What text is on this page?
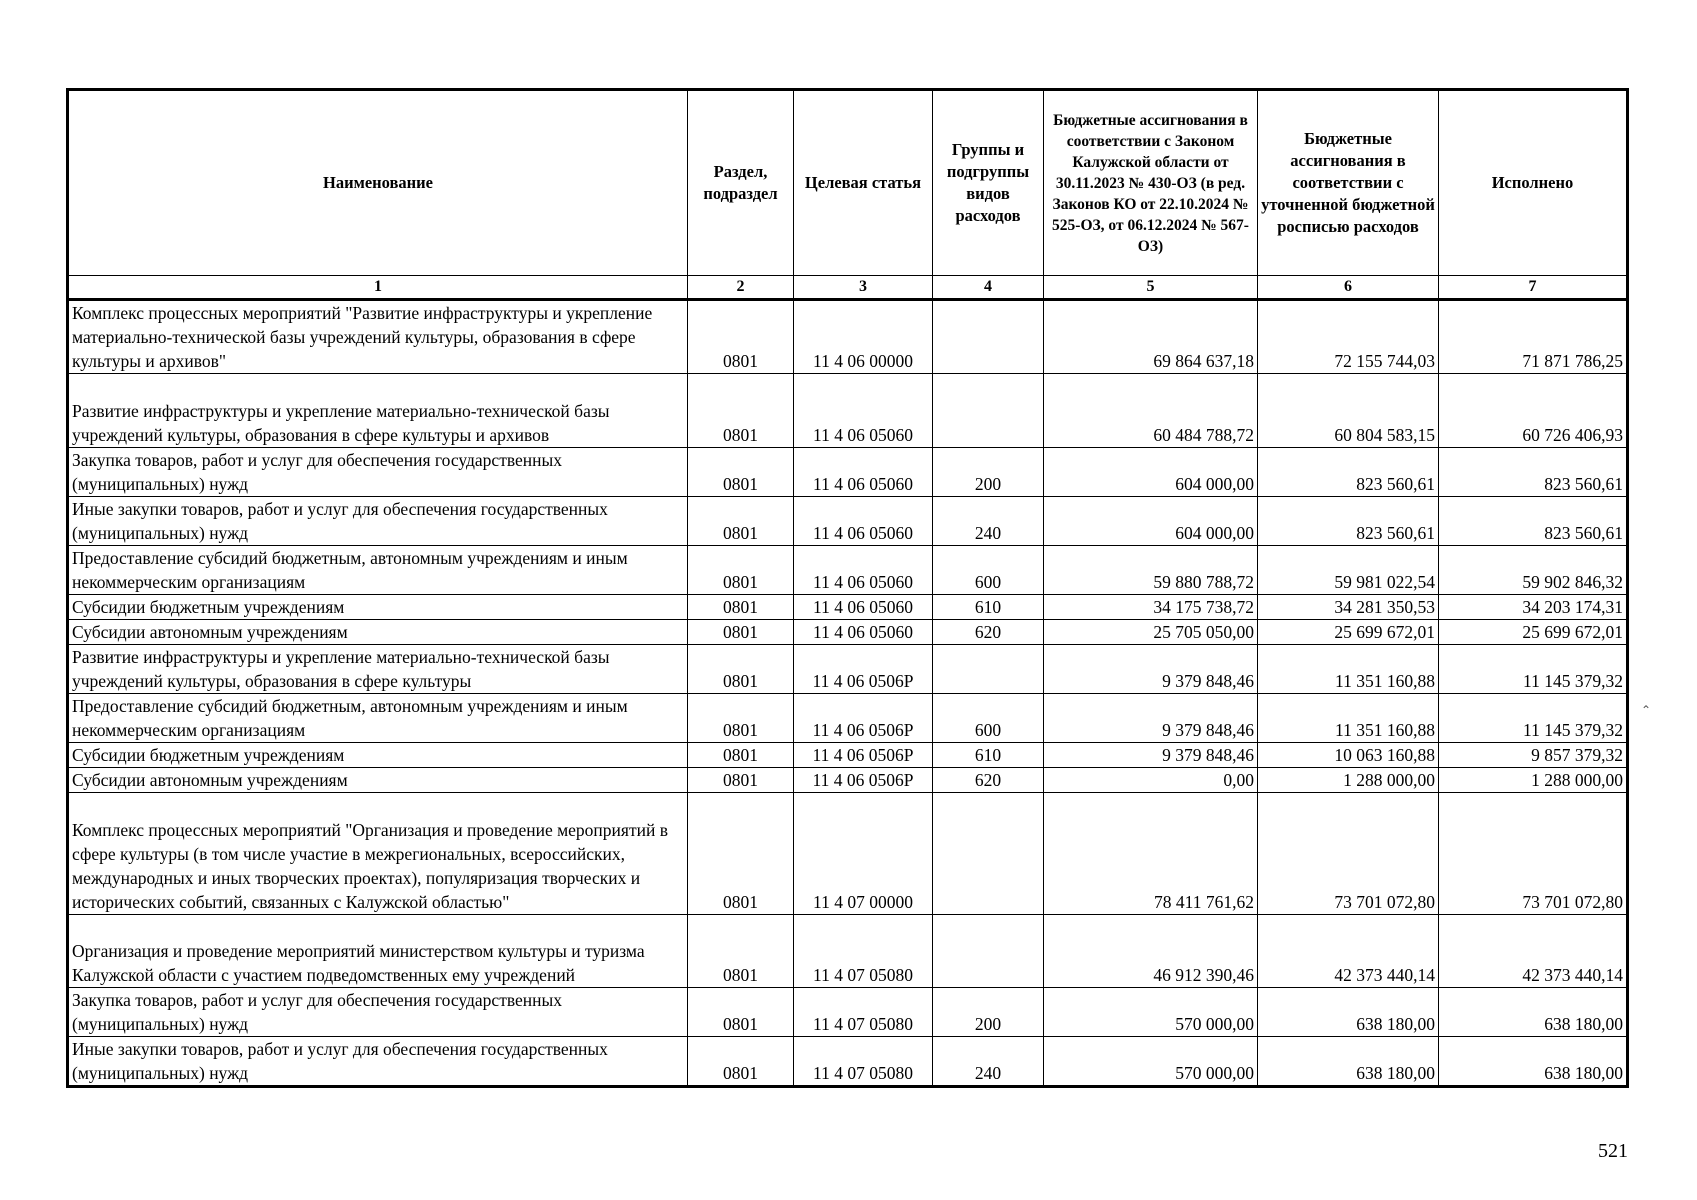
Наименование	Раздел, подраздел	Целевая статья	Группы и подгруппы видов расходов	Бюджетные ассигнования в соответствии с Законом Калужской области от 30.11.2023 № 430-ОЗ (в ред. Законов КО от 22.10.2024 № 525-ОЗ, от 06.12.2024 № 567-ОЗ)	Бюджетные ассигнования в соответствии с уточненной бюджетной росписью расходов	Исполнено
1	2	3	4	5	6	7
Комплекс процессных мероприятий "Развитие инфраструктуры и укрепление материально-технической базы учреждений культуры, образования в сфере культуры и архивов"	0801	11 4 06 00000		69 864 637,18	72 155 744,03	71 871 786,25
Развитие инфраструктуры и укрепление материально-технической базы учреждений культуры, образования в сфере культуры и архивов	0801	11 4 06 05060		60 484 788,72	60 804 583,15	60 726 406,93
Закупка товаров, работ и услуг для обеспечения государственных (муниципальных) нужд	0801	11 4 06 05060	200	604 000,00	823 560,61	823 560,61
Иные закупки товаров, работ и услуг для обеспечения государственных (муниципальных) нужд	0801	11 4 06 05060	240	604 000,00	823 560,61	823 560,61
Предоставление субсидий бюджетным, автономным учреждениям и иным некоммерческим организациям	0801	11 4 06 05060	600	59 880 788,72	59 981 022,54	59 902 846,32
Субсидии бюджетным учреждениям	0801	11 4 06 05060	610	34 175 738,72	34 281 350,53	34 203 174,31
Субсидии автономным учреждениям	0801	11 4 06 05060	620	25 705 050,00	25 699 672,01	25 699 672,01
Развитие инфраструктуры и укрепление материально-технической базы учреждений культуры, образования в сфере культуры	0801	11 4 06 0506Р		9 379 848,46	11 351 160,88	11 145 379,32
Предоставление субсидий бюджетным, автономным учреждениям и иным некоммерческим организациям	0801	11 4 06 0506Р	600	9 379 848,46	11 351 160,88	11 145 379,32
Субсидии бюджетным учреждениям	0801	11 4 06 0506Р	610	9 379 848,46	10 063 160,88	9 857 379,32
Субсидии автономным учреждениям	0801	11 4 06 0506Р	620	0,00	1 288 000,00	1 288 000,00
Комплекс процессных мероприятий "Организация и проведение мероприятий в сфере культуры (в том числе участие в межрегиональных, всероссийских, международных и иных творческих проектах), популяризация творческих и исторических событий, связанных с Калужской областью"	0801	11 4 07 00000		78 411 761,62	73 701 072,80	73 701 072,80
Организация и проведение мероприятий министерством культуры и туризма Калужской области с участием подведомственных ему учреждений	0801	11 4 07 05080		46 912 390,46	42 373 440,14	42 373 440,14
Закупка товаров, работ и услуг для обеспечения государственных (муниципальных) нужд	0801	11 4 07 05080	200	570 000,00	638 180,00	638 180,00
Иные закупки товаров, работ и услуг для обеспечения государственных (муниципальных) нужд	0801	11 4 07 05080	240	570 000,00	638 180,00	638 180,00
⌃
521
